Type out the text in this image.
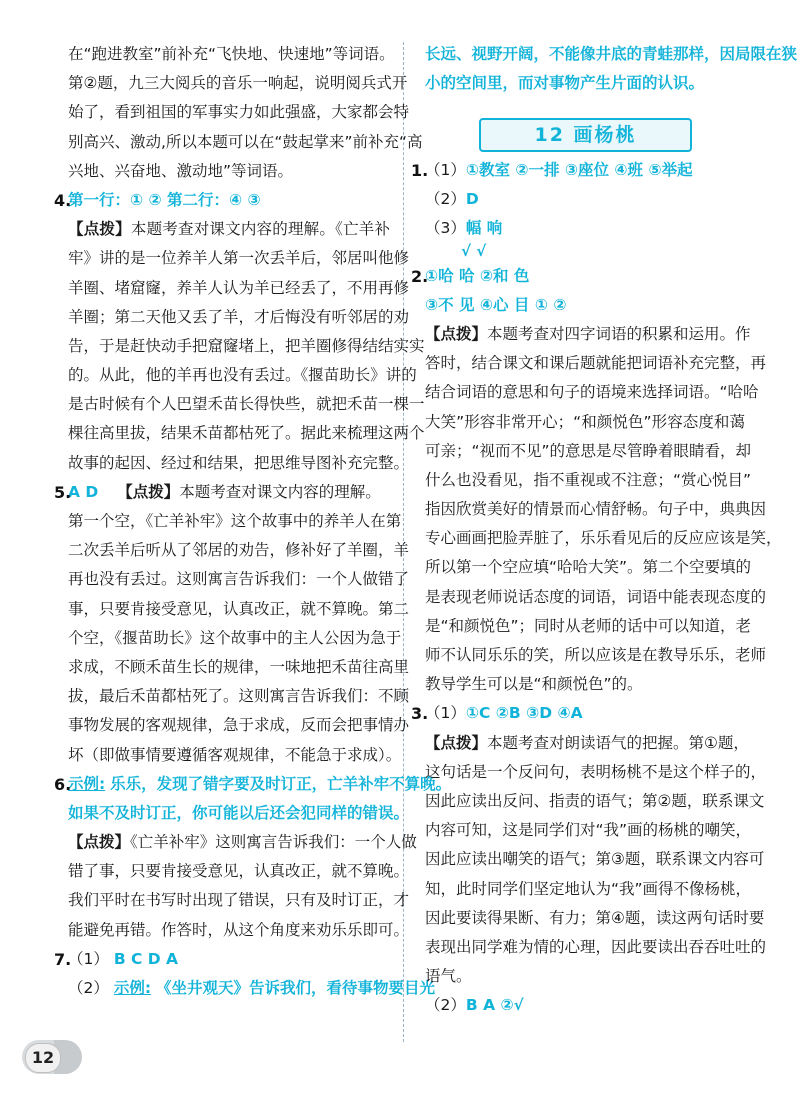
在“跑进教室”前补充“飞快地、快速地”等词语。
第②题，九三大阅兵的音乐一响起，说明阅兵式开
始了，看到祖国的军事实力如此强盛，大家都会特
别高兴、激动,所以本题可以在“鼓起掌来”前补充“高
兴地、兴奋地、激动地”等词语。
4.
第一行：① ② 第二行：④ ③
【点拨】本题考查对课文内容的理解。《亡羊补
牢》讲的是一位养羊人第一次丢羊后，邻居叫他修
羊圈、堵窟窿，养羊人认为羊已经丢了，不用再修
羊圈；第二天他又丢了羊，才后悔没有听邻居的劝
告，于是赶快动手把窟窿堵上，把羊圈修得结结实实
的。从此，他的羊再也没有丢过。《揠苗助长》讲的
是古时候有个人巴望禾苗长得快些，就把禾苗一棵一
棵往高里拔，结果禾苗都枯死了。据此来梳理这两个
故事的起因、经过和结果，把思维导图补充完整。
5.
A D 【点拨】本题考查对课文内容的理解。
第一个空，《亡羊补牢》这个故事中的养羊人在第
二次丢羊后听从了邻居的劝告，修补好了羊圈，羊
再也没有丢过。这则寓言告诉我们：一个人做错了
事，只要肯接受意见，认真改正，就不算晚。第二
个空，《揠苗助长》这个故事中的主人公因为急于
求成，不顾禾苗生长的规律，一味地把禾苗往高里
拔，最后禾苗都枯死了。这则寓言告诉我们：不顾
事物发展的客观规律，急于求成，反而会把事情办
坏（即做事情要遵循客观规律，不能急于求成）。
6.
示例: 乐乐，发现了错字要及时订正，亡羊补牢不算晚。
如果不及时订正，你可能以后还会犯同样的错误。
【点拨】《亡羊补牢》这则寓言告诉我们：一个人做
错了事，只要肯接受意见，认真改正，就不算晚。
我们平时在书写时出现了错误，只有及时订正，才
能避免再错。作答时，从这个角度来劝乐乐即可。
7.
（1） B C D A
（2） 示例: 《坐井观天》告诉我们，看待事物要目光
长远、视野开阔，不能像井底的青蛙那样，因局限在狭
小的空间里，而对事物产生片面的认识。
12 画杨桃
1.
（1）①教室 ②一排 ③座位 ④班 ⑤举起
（2）D
（3）幅 响
√ √
2.
①哈 哈 ②和 色
③不 见 ④心 目 ① ②
【点拨】本题考查对四字词语的积累和运用。作
答时，结合课文和课后题就能把词语补充完整，再
结合词语的意思和句子的语境来选择词语。“哈哈
大笑”形容非常开心；“和颜悦色”形容态度和蔼
可亲；“视而不见”的意思是尽管睁着眼睛看，却
什么也没看见，指不重视或不注意；“赏心悦目”
指因欣赏美好的情景而心情舒畅。句子中，典典因
专心画画把脸弄脏了，乐乐看见后的反应应该是笑，
所以第一个空应填“哈哈大笑”。第二个空要填的
是表现老师说话态度的词语，词语中能表现态度的
是“和颜悦色”；同时从老师的话中可以知道，老
师不认同乐乐的笑，所以应该是在教导乐乐，老师
教导学生可以是“和颜悦色”的。
3.
（1）①C ②B ③D ④A
【点拨】本题考查对朗读语气的把握。第①题，
这句话是一个反问句，表明杨桃不是这个样子的，
因此应读出反问、指责的语气；第②题，联系课文
内容可知，这是同学们对“我”画的杨桃的嘲笑，
因此应读出嘲笑的语气；第③题，联系课文内容可
知，此时同学们坚定地认为“我”画得不像杨桃，
因此要读得果断、有力；第④题，读这两句话时要
表现出同学难为情的心理，因此要读出吞吞吐吐的
语气。
（2）B A ②√
12
